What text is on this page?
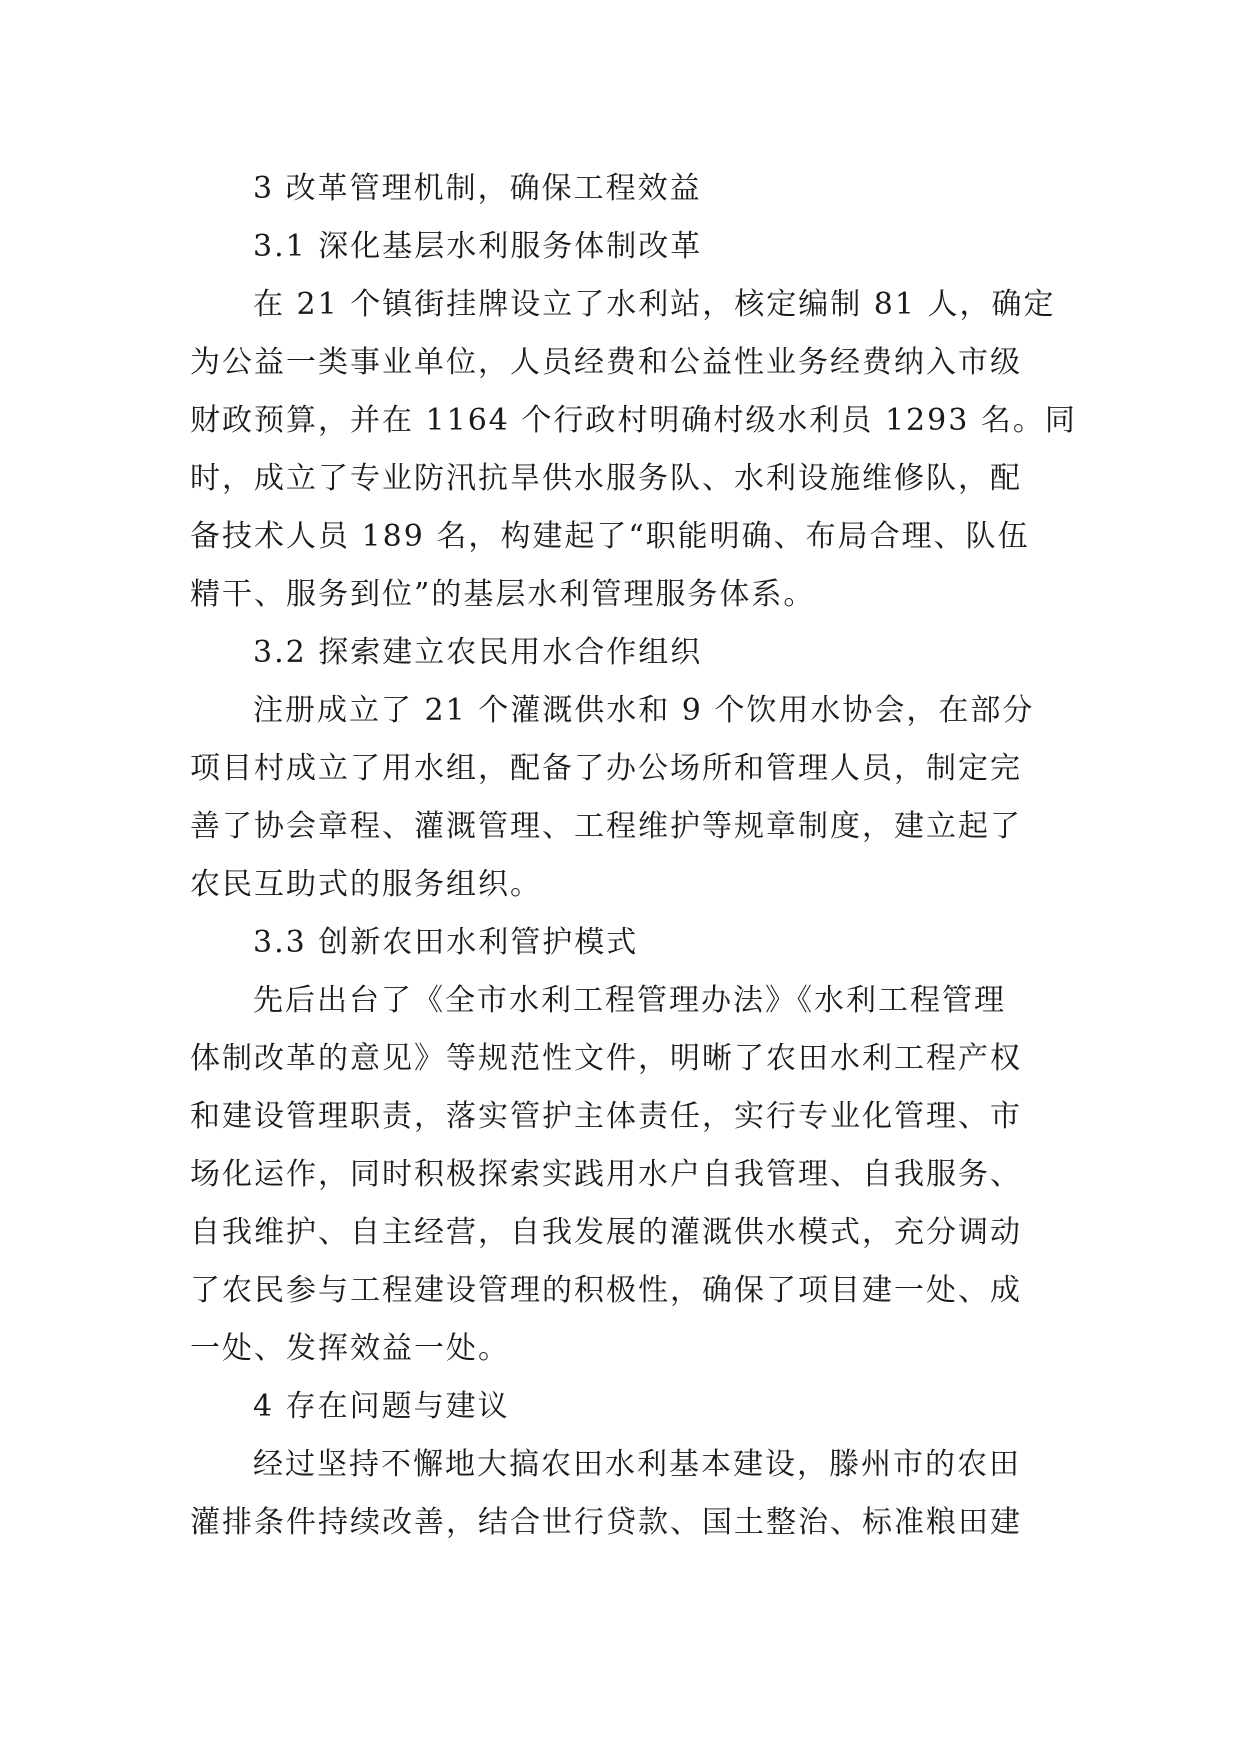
3 改革管理机制，确保工程效益
3.1 深化基层水利服务体制改革
在 21 个镇街挂牌设立了水利站，核定编制 81 人，确定
为公益一类事业单位，人员经费和公益性业务经费纳入市级
财政预算，并在 1164 个行政村明确村级水利员 1293 名。同
时，成立了专业防汛抗旱供水服务队、水利设施维修队，配
备技术人员 189 名，构建起了“职能明确、布局合理、队伍
精干、服务到位”的基层水利管理服务体系。
3.2 探索建立农民用水合作组织
注册成立了 21 个灌溉供水和 9 个饮用水协会，在部分
项目村成立了用水组，配备了办公场所和管理人员，制定完
善了协会章程、灌溉管理、工程维护等规章制度，建立起了
农民互助式的服务组织。
3.3 创新农田水利管护模式
先后出台了《全市水利工程管理办法》《水利工程管理
体制改革的意见》等规范性文件，明晰了农田水利工程产权
和建设管理职责，落实管护主体责任，实行专业化管理、市
场化运作，同时积极探索实践用水户自我管理、自我服务、
自我维护、自主经营，自我发展的灌溉供水模式，充分调动
了农民参与工程建设管理的积极性，确保了项目建一处、成
一处、发挥效益一处。
4 存在问题与建议
经过坚持不懈地大搞农田水利基本建设，滕州市的农田
灌排条件持续改善，结合世行贷款、国土整治、标准粮田建
